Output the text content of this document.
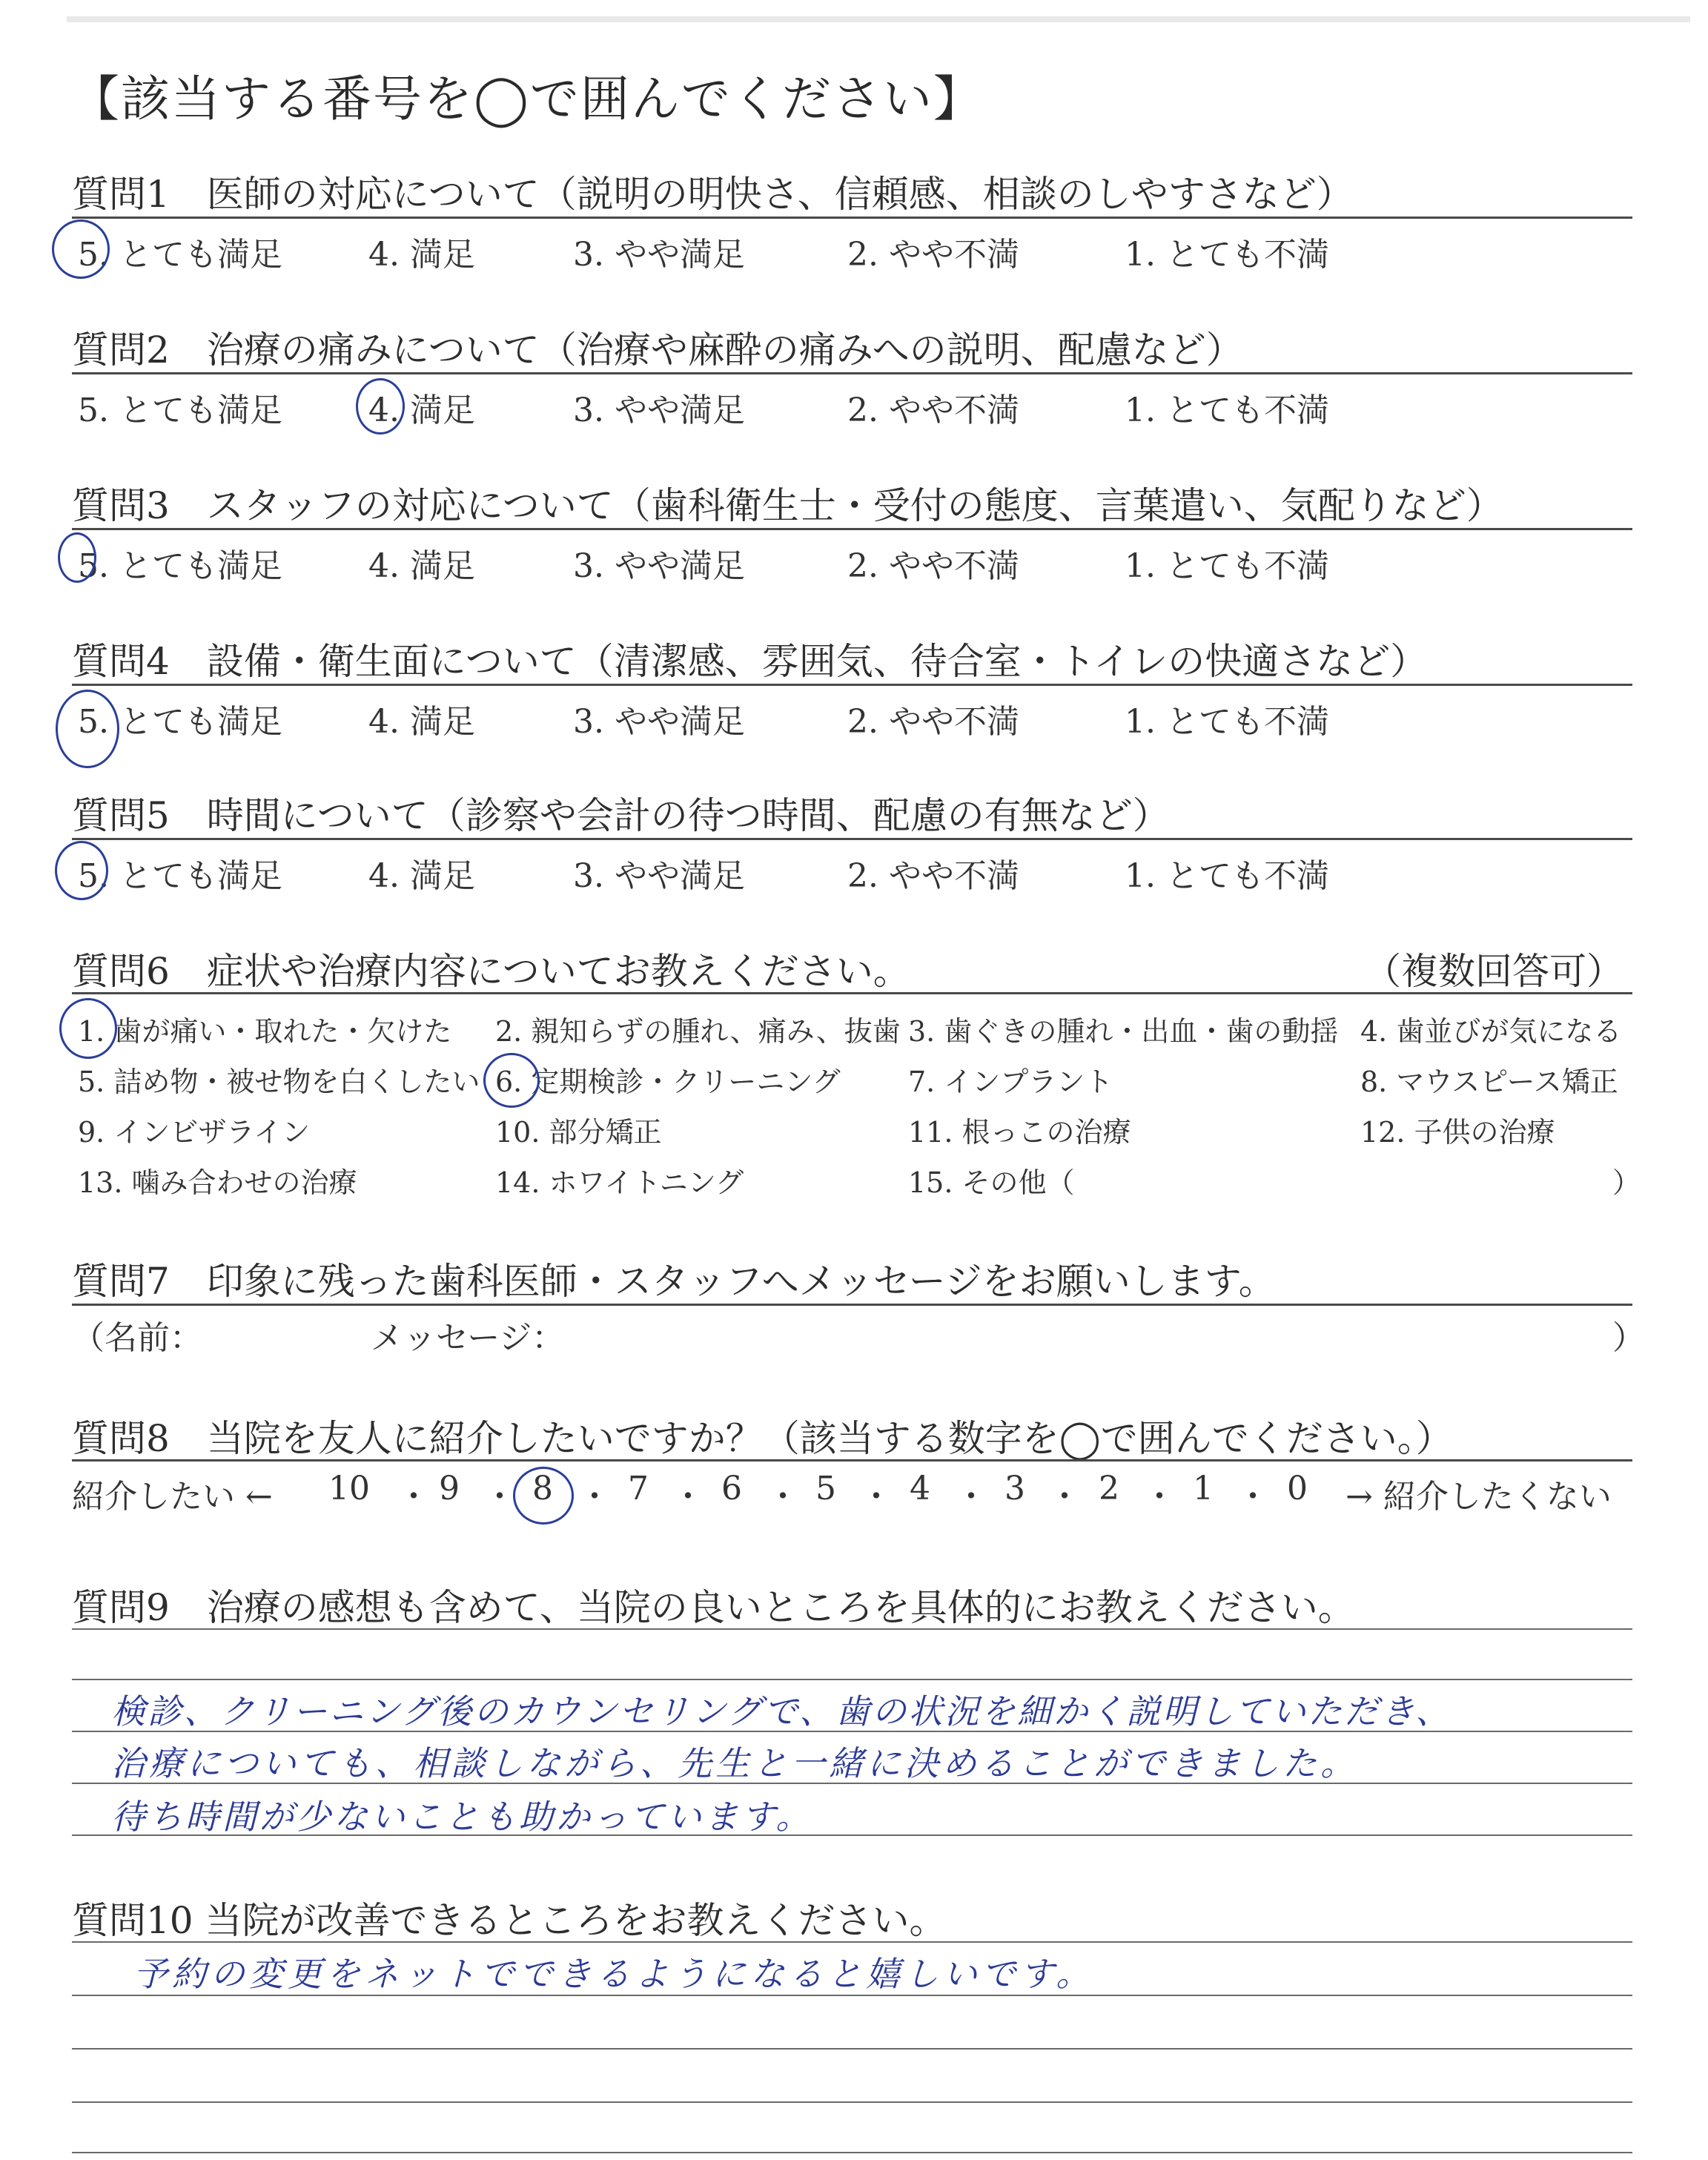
【該当する番号を◯で囲んでください】
質問1　医師の対応について（説明の明快さ、信頼感、相談のしやすさなど）
5. とても満足	4. 満足	3. やや満足	2. やや不満	1. とても不満
質問2　治療の痛みについて（治療や麻酔の痛みへの説明、配慮など）
5. とても満足	4. 満足	3. やや満足	2. やや不満	1. とても不満
質問3　スタッフの対応について（歯科衛生士・受付の態度、言葉遣い、気配りなど）
5. とても満足	4. 満足	3. やや満足	2. やや不満	1. とても不満
質問4　設備・衛生面について（清潔感、雰囲気、待合室・トイレの快適さなど）
5. とても満足	4. 満足	3. やや満足	2. やや不満	1. とても不満
質問5　時間について（診察や会計の待つ時間、配慮の有無など）
5. とても満足	4. 満足	3. やや満足	2. やや不満	1. とても不満
質問6　症状や治療内容についてお教えください。	（複数回答可）
1. 歯が痛い・取れた・欠けた 2. 親知らずの腫れ、痛み、抜歯 3. 歯ぐきの腫れ・出血・歯の動揺 4. 歯並びが気になる
5. 詰め物・被せ物を白くしたい 6. 定期検診・クリーニング 7. インプラント	8. マウスピース矯正
9. インビザライン	10. 部分矯正	11. 根っこの治療	12. 子供の治療
13. 噛み合わせの治療	14. ホワイトニング	15. その他（	）
質問7　印象に残った歯科医師・スタッフへメッセージをお願いします。
（名前：	メッセージ：	）
質問8　当院を友人に紹介したいですか？（該当する数字を◯で囲んでください。）
紹介したい ←	→ 紹介したくない
10 ・ 9 ・ 8 ・ 7 ・ 6 ・ 5 ・ 4 ・ 3 ・ 2 ・ 1 ・ 0
質問9　治療の感想も含めて、当院の良いところを具体的にお教えください。
検診、クリーニング後のカウンセリングで、歯の状況を細かく説明していただき、
治療についても、相談しながら、先生と一緒に決めることができました。
待ち時間が少ないことも助かっています。
質問10 当院が改善できるところをお教えください。
予約の変更をネットでできるようになると嬉しいです。
